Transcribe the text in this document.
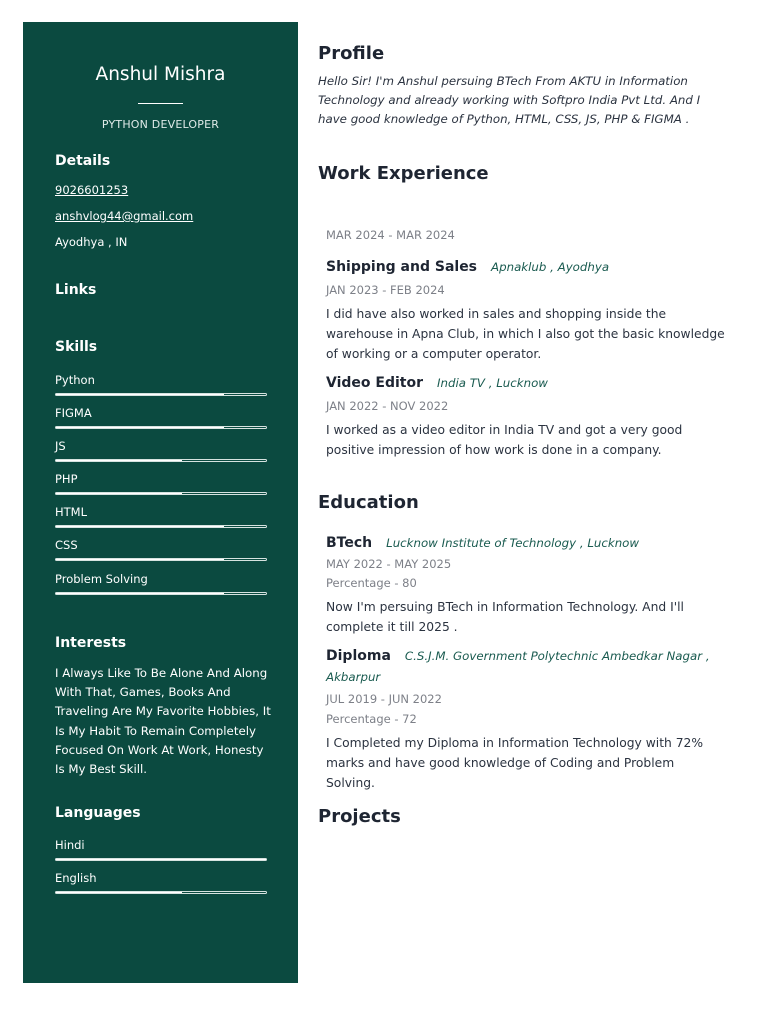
Anshul Mishra
PYTHON DEVELOPER
Details
9026601253
anshvlog44@gmail.com
Ayodhya , IN
Links
Skills
Python
FIGMA
JS
PHP
HTML
CSS
Problem Solving
Interests
I Always Like To Be Alone And Along With That, Games, Books And Traveling Are My Favorite Hobbies, It Is My Habit To Remain Completely Focused On Work At Work, Honesty Is My Best Skill.
Languages
Hindi
English
Profile

Hello Sir! I'm Anshul persuing BTech From AKTU in Information Technology and already working with Softpro India Pvt Ltd. And I have good knowledge of Python, HTML, CSS, JS, PHP & FIGMA .

Work Experience
MAR 2024 - MAR 2024
Shipping and Sales Apnaklub , Ayodhya
JAN 2023 - FEB 2024

I did have also worked in sales and shopping inside the warehouse in Apna Club, in which I also got the basic knowledge of working or a computer operator.

Video Editor India TV , Lucknow
JAN 2022 - NOV 2022

I worked as a video editor in India TV and got a very good positive impression of how work is done in a company.

Education
BTech Lucknow Institute of Technology , Lucknow
MAY 2022 - MAY 2025
Percentage - 80

Now I'm persuing BTech in Information Technology. And I'll complete it till 2025 .

Diploma C.S.J.M. Government Polytechnic Ambedkar Nagar , Akbarpur
JUL 2019 - JUN 2022
Percentage - 72

I Completed my Diploma in Information Technology with 72% marks and have good knowledge of Coding and Problem Solving.

Projects
